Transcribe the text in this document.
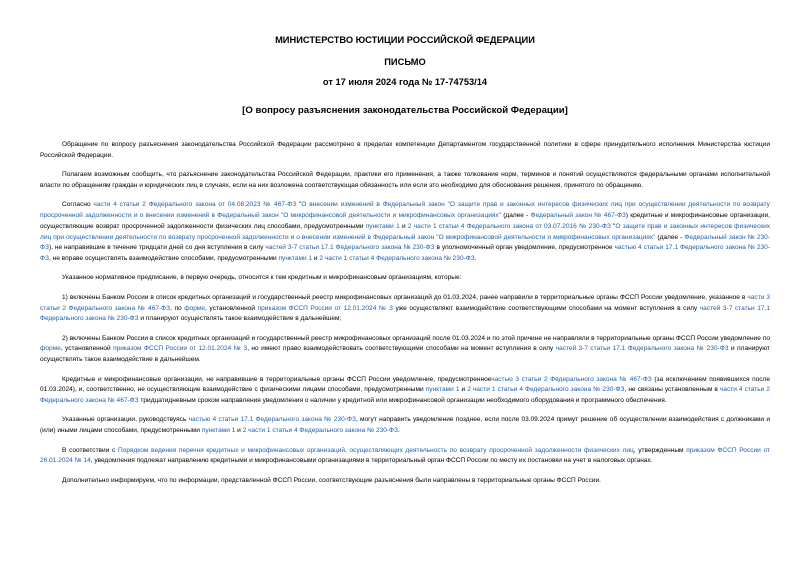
МИНИСТЕРСТВО ЮСТИЦИИ РОССИЙСКОЙ ФЕДЕРАЦИИ

ПИСЬМО

от 17 июля 2024 года № 17-74753/14

[О вопросу разъяснения законодательства Российской Федерации]

Обращение по вопросу разъяснения законодательства Российской Федерации рассмотрено в пределах компетенции Департаментом государственной политики в сфере принудительного исполнения Министерства юстиции Российской Федерации.

Полагаем возможным сообщить, что разъяснение законодательства Российской Федерации, практики его применения, а также толкование норм, терминов и понятий осуществляются федеральными органами исполнительной власти по обращениям граждан и юридических лиц в случаях, если на них возложена соответствующая обязанность или если это необходимо для обоснования решения, принятого по обращению.

Согласно части 4 статьи 2 Федерального закона от 04.08.2023 № 467-ФЗ "О внесении изменений в Федеральный закон "О защите прав и законных интересов физических лиц при осуществлении деятельности по возврату просроченной задолженности и о внесении изменений в Федеральный закон "О микрофинансовой деятельности и микрофинансовых организациях" (далее - Федеральный закон № 467-ФЗ) кредитные и микрофинансовые организации, осуществляющие возврат просроченной задолженности физических лиц способами, предусмотренными пунктами 1 и 2 части 1 статьи 4 Федерального закона от 03.07.2016 № 230-ФЗ "О защите прав и законных интересов физических лиц при осуществлении деятельности по возврату просроченной задолженности и о внесении изменений в Федеральный закон "О микрофинансовой деятельности и микрофинансовых организациях" (далее - Федеральный закон № 230-ФЗ), не направившие в течение тридцати дней со дня вступления в силу частей 3-7 статьи 17.1 Федерального закона № 230-ФЗ в уполномоченный орган уведомление, предусмотренное частью 4 статьи 17.1 Федерального закона № 230-ФЗ, не вправе осуществлять взаимодействие способами, предусмотренными пунктами 1 и 2 части 1 статьи 4 Федерального закона № 230-ФЗ.

Указанное нормативное предписание, в первую очередь, относится к тем кредитным и микрофинансовым организациям, которые:

1) включены Банком России в список кредитных организаций и государственный реестр микрофинансовых организаций до 01.03.2024, ранее направили в территориальные органы ФССП России уведомление, указанное в части 3 статьи 2 Федерального закона № 467-ФЗ, по форме, установленной приказом ФССП России от 12.01.2024 № 3 уже осуществляют взаимодействие соответствующими способами на момент вступления в силу частей 3-7 статьи 17.1 Федерального закона № 230-ФЗ и планируют осуществлять такое взаимодействие в дальнейшем;

2) включены Банком России в список кредитных организаций и государственный реестр микрофинансовых организаций после 01.03.2024 и по этой причине не направляли в территориальные органы ФССП России уведомление по форме, установленной приказом ФССП России от 12.01.2024 № 3, но имеют право взаимодействовать соответствующими способами на момент вступления в силу частей 3-7 статьи 17.1 Федерального закона № 230-ФЗ и планируют осуществлять такое взаимодействие в дальнейшем.

Кредитные и микрофинансовые организации, не направившие в территориальные органы ФССП России уведомление, предусмотренноечастью 3 статьи 2 Федерального закона № 467-ФЗ (за исключением появившихся после 01.03.2024), и, соответственно, не осуществляющие взаимодействие с физическими лицами способами, предусмотренными пунктами 1 и 2 части 1 статьи 4 Федерального закона № 230-ФЗ, не связаны установленным в части 4 статьи 2 Федерального закона № 467-ФЗ тридцатидневным сроком направления уведомления о наличии у кредитной или микрофинансовой организации необходимого оборудования и программного обеспечения.

Указанные организации, руководствуясь частью 4 статьи 17.1 Федерального закона № 230-ФЗ, могут направить уведомление позднее, если после 03.09.2024 примут решение об осуществлении взаимодействия с должниками и (или) иными лицами способами, предусмотренными пунктами 1 и 2 части 1 статьи 4 Федерального закона № 230-ФЗ.

В соответствии с Порядком ведения перечня кредитных и микрофинансовых организаций, осуществляющих деятельность по возврату просроченной задолженности физических лиц, утвержденным приказом ФССП России от 26.01.2024 № 14, уведомления подлежат направлению кредитными и микрофинансовыми организациями в территориальный орган ФССП России по месту их постановки на учет в налоговых органах.

Дополнительно информируем, что по информации, представленной ФССП России, соответствующие разъяснения были направлены в территориальные органы ФССП России.
